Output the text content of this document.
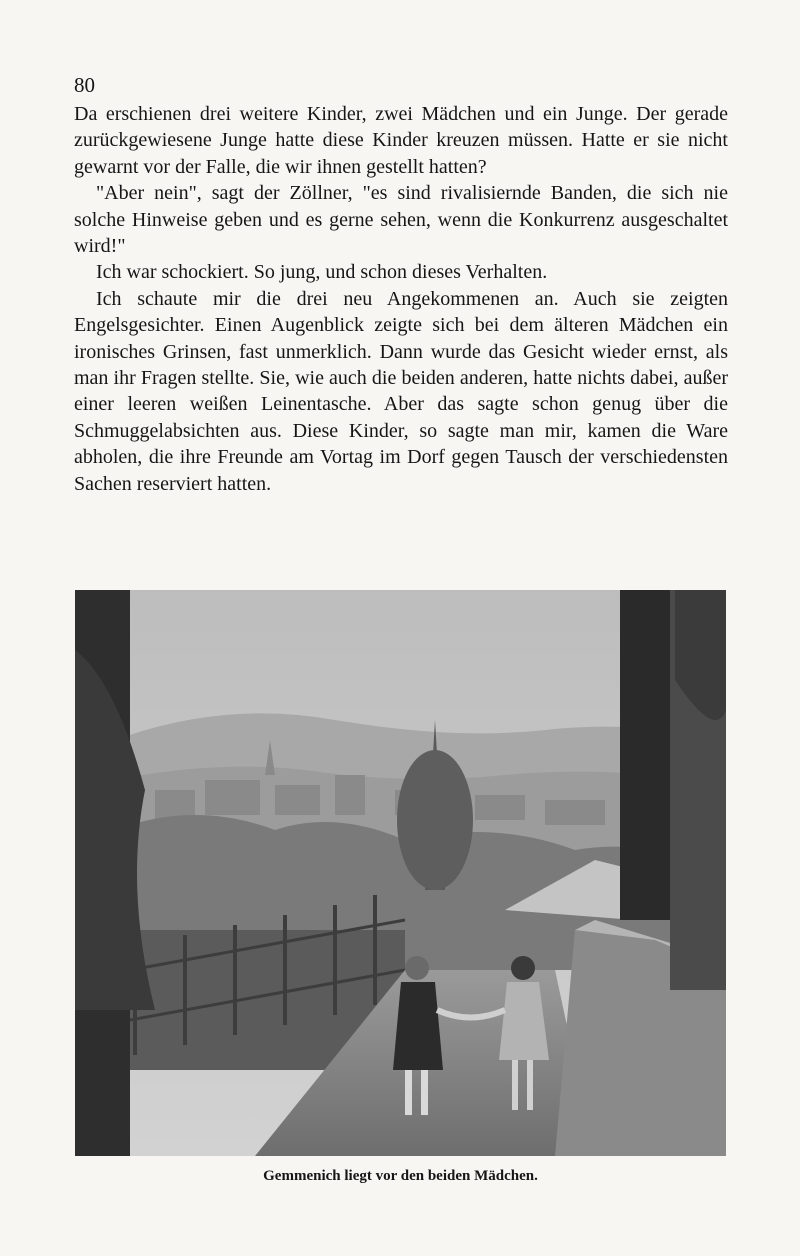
80

Da erschienen drei weitere Kinder, zwei Mädchen und ein Junge. Der gerade zurückgewiesene Junge hatte diese Kinder kreuzen müssen. Hatte er sie nicht gewarnt vor der Falle, die wir ihnen gestellt hatten?

"Aber nein", sagt der Zöllner, "es sind rivalisiernde Banden, die sich nie solche Hinweise geben und es gerne sehen, wenn die Konkurrenz ausgeschaltet wird!"

Ich war schockiert. So jung, und schon dieses Verhalten.

Ich schaute mir die drei neu Angekommenen an. Auch sie zeigten Engelsgesichter. Einen Augenblick zeigte sich bei dem älteren Mädchen ein ironisches Grinsen, fast unmerklich. Dann wurde das Gesicht wieder ernst, als man ihr Fragen stellte. Sie, wie auch die beiden anderen, hatte nichts dabei, außer einer leeren weißen Leinentasche. Aber das sagte schon genug über die Schmuggelabsichten aus. Diese Kinder, so sagte man mir, kamen die Ware abholen, die ihre Freunde am Vortag im Dorf gegen Tausch der verschiedensten Sachen reserviert hatten.

Gemmenich liegt vor den beiden Mädchen.
